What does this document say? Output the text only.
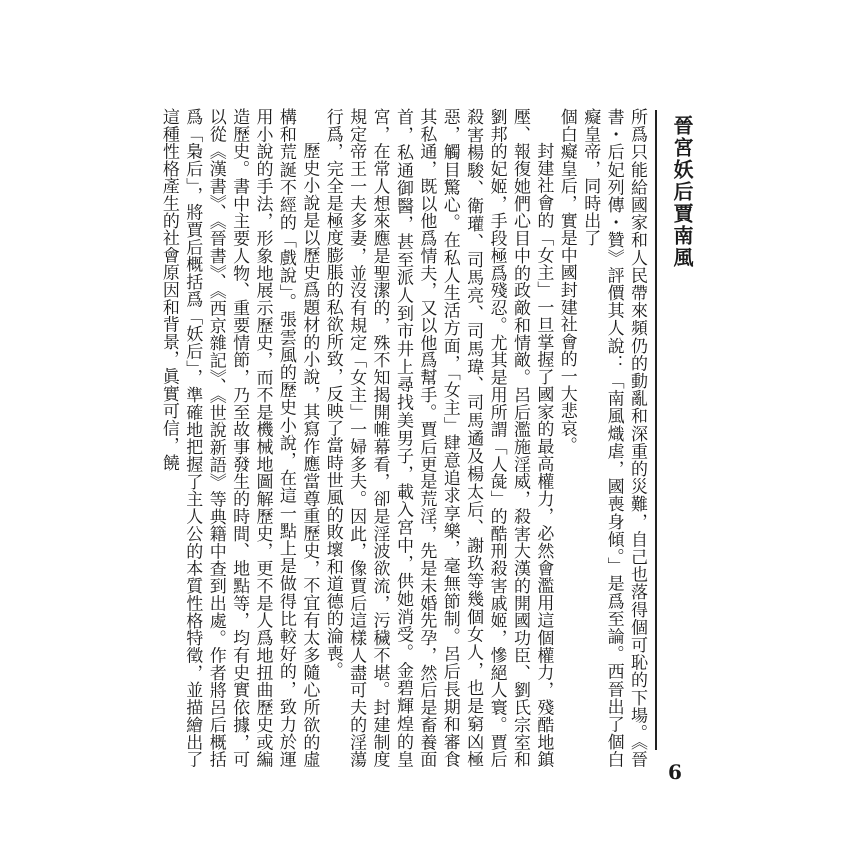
晉宮妖后賈南風
6

所爲只能給國家和人民帶來頻仍的動亂和深重的災難，自己也落得個可恥的下場。《晉書・后妃列傳・贊》評價其人說：「南風熾虐，國喪身傾。」是爲至論。西晉出了個白癡皇帝，同時出了

個白癡皇后，實是中國封建社會的一大悲哀。

封建社會的「女主」一旦掌握了國家的最高權力，必然會濫用這個權力，殘酷地鎮壓、報復她們心目中的政敵和情敵。呂后濫施淫威，殺害大漢的開國功臣、劉氏宗室和劉邦的妃姬，手段極爲殘忍。尤其是用所謂「人彘」的酷刑殺害戚姬，慘絕人寰。賈后殺害楊駿、衛瓘、司馬亮、司馬瑋、司馬遹及楊太后、謝玖等幾個女人，也是窮凶極惡，觸目驚心。在私人生活方面，「女主」肆意追求享樂，毫無節制。呂后長期和審食其私通，既以他爲情夫，又以他爲幫手。賈后更是荒淫，先是未婚先孕，然后是畜養面首，私通御醫，甚至派人到市井上尋找美男子，載入宮中，供她消受。金碧輝煌的皇宮，在常人想來應是聖潔的，殊不知揭開帷幕看，卻是淫波欲流，污穢不堪。封建制度規定帝王一夫多妻，並沒有規定「女主」一婦多夫。因此，像賈后這樣人盡可夫的淫蕩行爲，完全是極度膨脹的私欲所致，反映了當時世風的敗壞和道德的淪喪。

歷史小說是以歷史爲題材的小說，其寫作應當尊重歷史，不宜有太多隨心所欲的虛構和荒誕不經的「戲說」。張雲風的歷史小說，在這一點上是做得比較好的，致力於運用小說的手法，形象地展示歷史，而不是機械地圖解歷史，更不是人爲地扭曲歷史或編造歷史。書中主要人物、重要情節，乃至故事發生的時間、地點等，均有史實依據，可以從《漢書》、《晉書》、《西京雜記》、《世說新語》等典籍中查到出處。作者將呂后概括爲「梟后」，將賈后概括爲「妖后」，準確地把握了主人公的本質性格特徵，並描繪出了這種性格產生的社會原因和背景，眞實可信，饒
